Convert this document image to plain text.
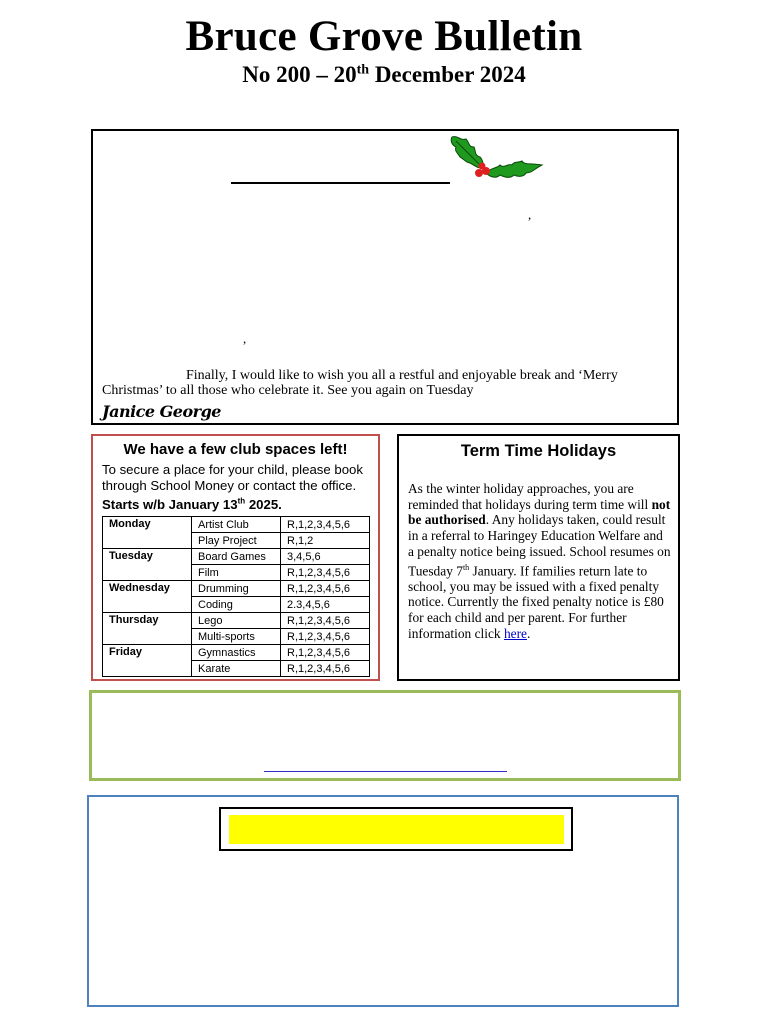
Bruce Grove Bulletin
No 200 – 20th December 2024
,
,
Finally, I would like to wish you all a restful and enjoyable break and ‘Merry Christmas’ to all those who celebrate it. See you again on Tuesday
Janice George
We have a few club spaces left!
To secure a place for your child, please book through School Money or contact the office. Starts w/b January 13th 2025.
Monday	Artist Club	R,1,2,3,4,5,6
	Play Project	R,1,2
Tuesday	Board Games	3,4,5,6
	Film	R,1,2,3,4,5,6
Wednesday	Drumming	R,1,2,3,4,5,6
	Coding	2.3,4,5,6
Thursday	Lego	R,1,2,3,4,5,6
	Multi-sports	R,1,2,3,4,5,6
Friday	Gymnastics	R,1,2,3,4,5,6
	Karate	R,1,2,3,4,5,6
Term Time Holidays
As the winter holiday approaches, you are reminded that holidays during term time will not be authorised. Any holidays taken, could result in a referral to Haringey Education Welfare and a penalty notice being issued. School resumes on Tuesday 7th January. If families return late to school, you may be issued with a fixed penalty notice. Currently the fixed penalty notice is £80 for each child and per parent. For further information click here.
